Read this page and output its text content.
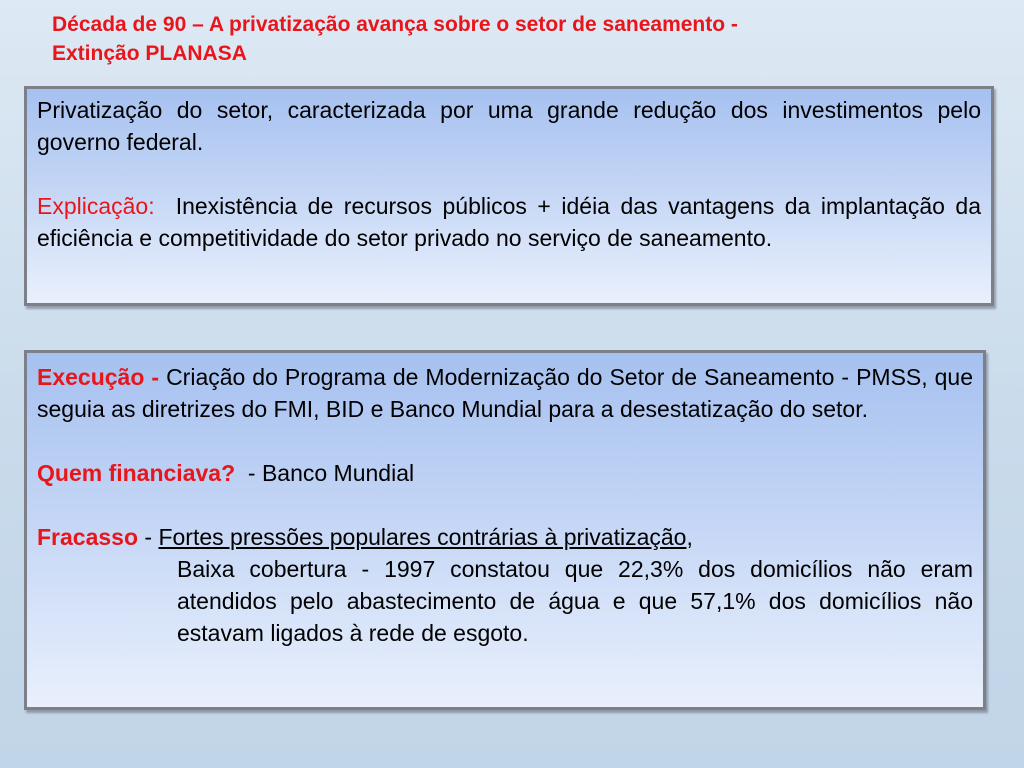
Década de 90 – A privatização avança sobre o setor de saneamento -
Extinção PLANASA

Privatização do setor, caracterizada por uma grande redução dos investimentos pelo governo federal.

Explicação: Inexistência de recursos públicos + idéia das vantagens da implantação da eficiência e competitividade do setor privado no serviço de saneamento.

Execução - Criação do Programa de Modernização do Setor de Saneamento - PMSS, que seguia as diretrizes do FMI, BID e Banco Mundial para a desestatização do setor.

Quem financiava? - Banco Mundial

Fracasso - Fortes pressões populares contrárias à privatização,

Baixa cobertura - 1997 constatou que 22,3% dos domicílios não eram atendidos pelo abastecimento de água e que 57,1% dos domicílios não estavam ligados à rede de esgoto.
